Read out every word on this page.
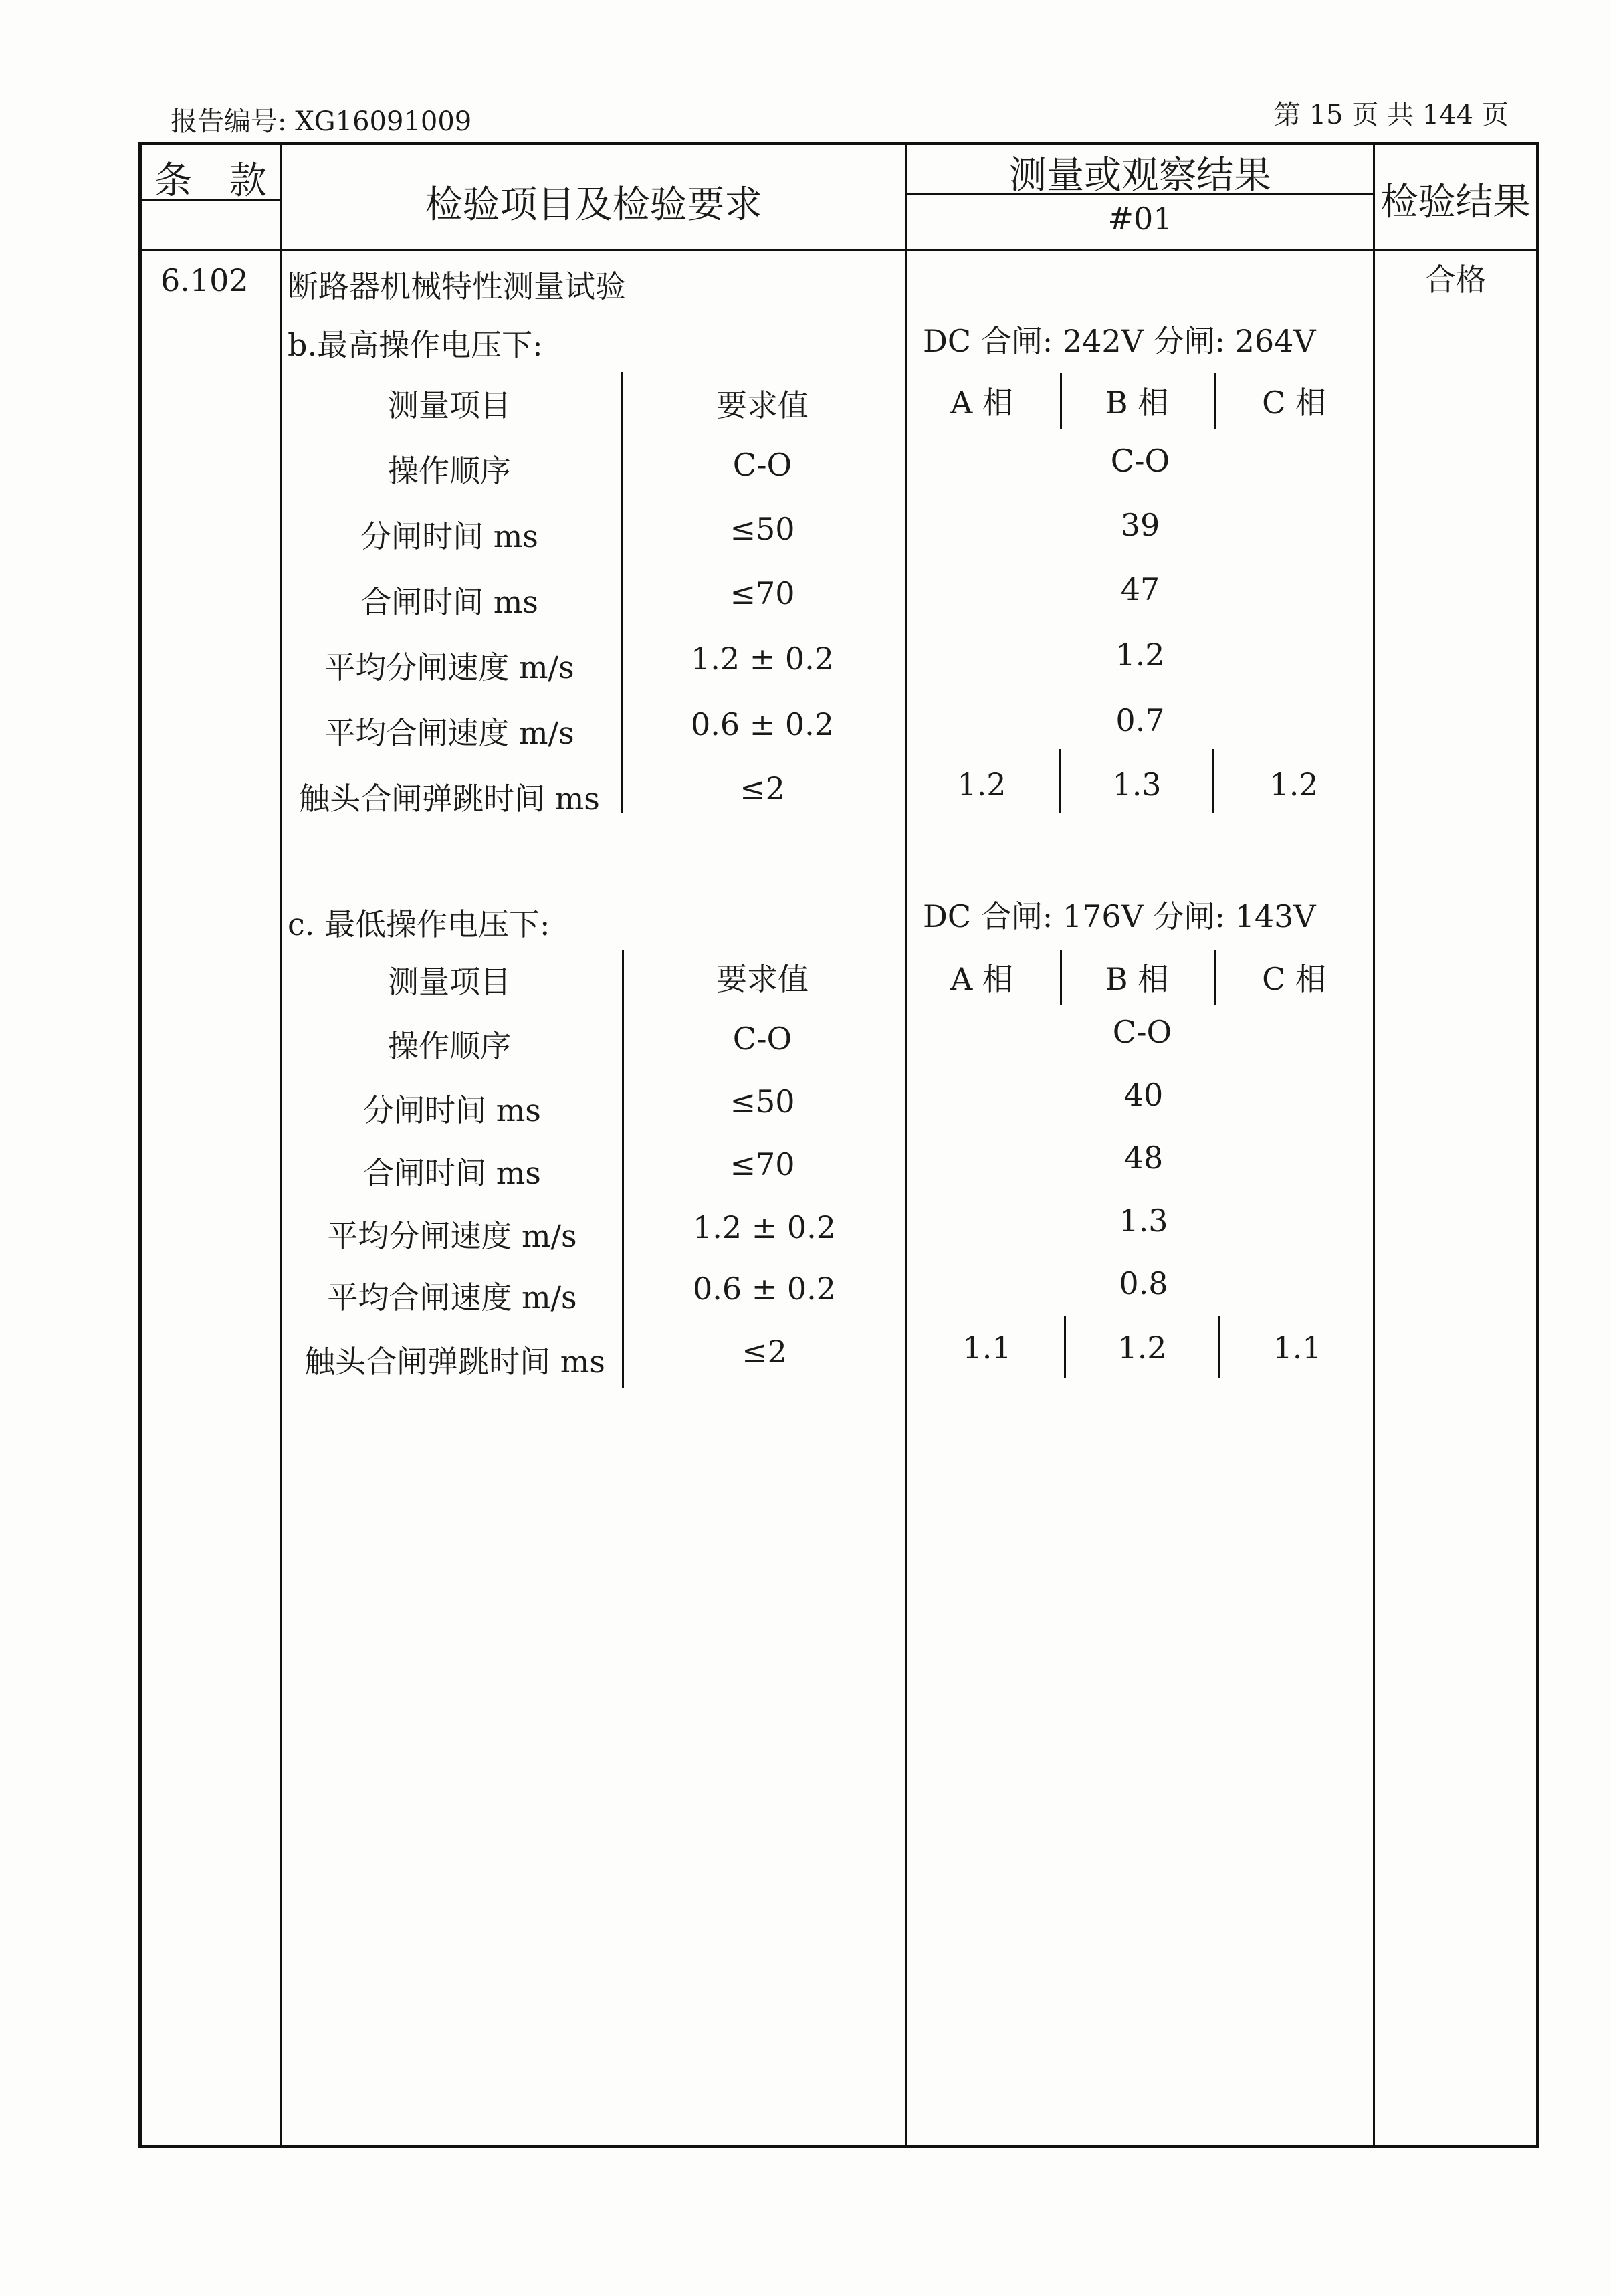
报告编号: XG16091009	第 15 页 共 144 页
条　款
检验项目及检验要求
测量或观察结果
#01	检验结果
6.102 断路器机械特性测量试验	合格
b.最高操作电压下:	DC 合闸: 242V 分闸: 264V
测量项目	要求值	A 相	B 相	C 相
操作顺序	C-O	C-O
分闸时间 ms	≤50	39
合闸时间 ms	≤70	47
平均分闸速度 m/s	1.2 ± 0.2	1.2
平均合闸速度 m/s	0.6 ± 0.2	0.7
触头合闸弹跳时间 ms	≤2	1.2	1.3	1.2
c. 最低操作电压下:	DC 合闸: 176V 分闸: 143V
测量项目	要求值	A 相	B 相	C 相
操作顺序	C-O	C-O
分闸时间 ms	≤50	40
合闸时间 ms	≤70	48
平均分闸速度 m/s	1.2 ± 0.2	1.3
平均合闸速度 m/s	0.6 ± 0.2	0.8
触头合闸弹跳时间 ms	≤2	1.1	1.2	1.1
